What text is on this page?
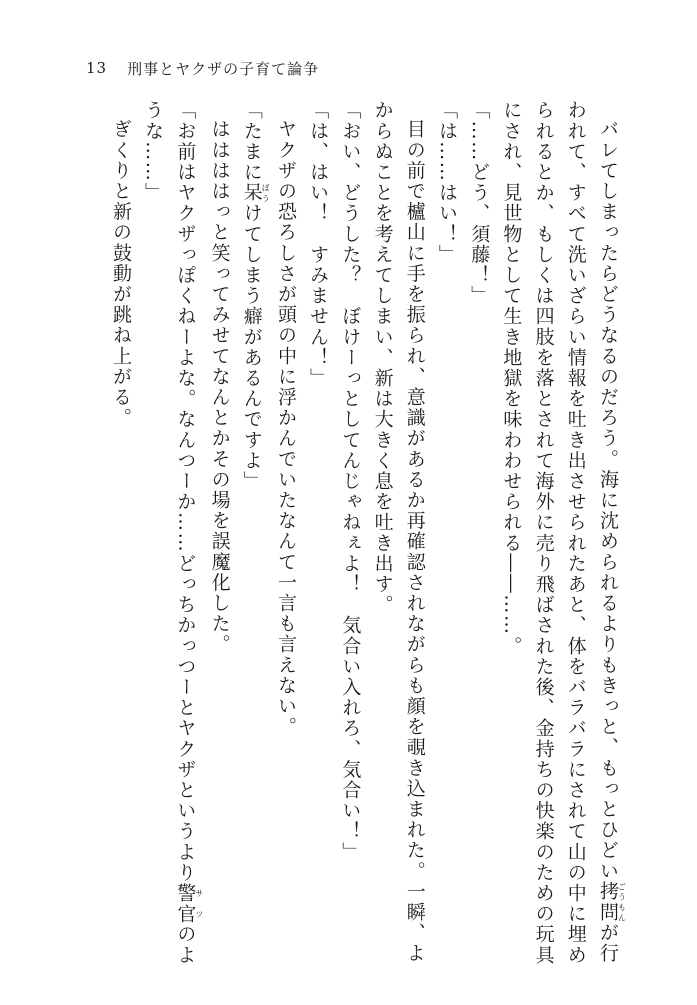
13 刑事とヤクザの子育て論争

バレてしまったらどうなるのだろう。海に沈められるよりもきっと、もっとひどい拷問ごうもんが行われて、すべて洗いざらい情報を吐き出させられたあと、体をバラバラにされて山の中に埋められるとか、もしくは四肢を落とされて海外に売り飛ばされた後、金持ちの快楽のための玩具にされ、見世物として生き地獄を味わわせられる――……。

「……どう、須藤！」

「は……はい！」

目の前で櫨山に手を振られ、意識があるか再確認されながらも顔を覗き込まれた。一瞬、よからぬことを考えてしまい、新は大きく息を吐き出す。

「おい、どうした？　ぼけーっとしてんじゃねぇよ！　気合い入れろ、気合い！」

「は、はい！　すみません！」

ヤクザの恐ろしさが頭の中に浮かんでいたなんて一言も言えない。

「たまに呆ぼうけてしまう癖があるんですよ」

ははははっと笑ってみせてなんとかその場を誤魔化した。

「お前はヤクザっぽくねーよな。なんつーか……どっちかっつーとヤクザというより警官サツのような……」

ぎくりと新の鼓動が跳ね上がる。
